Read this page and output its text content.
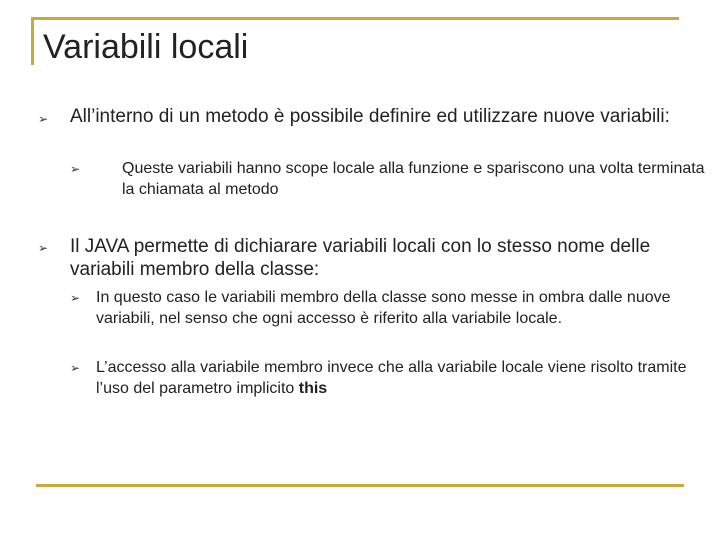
Variabili locali
➢ All’interno di un metodo è possibile definire ed utilizzare nuove variabili:
➢	Queste variabili hanno scope locale alla funzione e spariscono una volta terminata la chiamata al metodo
➢ Il JAVA permette di dichiarare variabili locali con lo stesso nome delle variabili membro della classe:
➢ In questo caso le variabili membro della classe sono messe in ombra dalle nuove variabili, nel senso che ogni accesso è riferito alla variabile locale.
➢ L’accesso alla variabile membro invece che alla variabile locale viene risolto tramite l’uso del parametro implicito this
